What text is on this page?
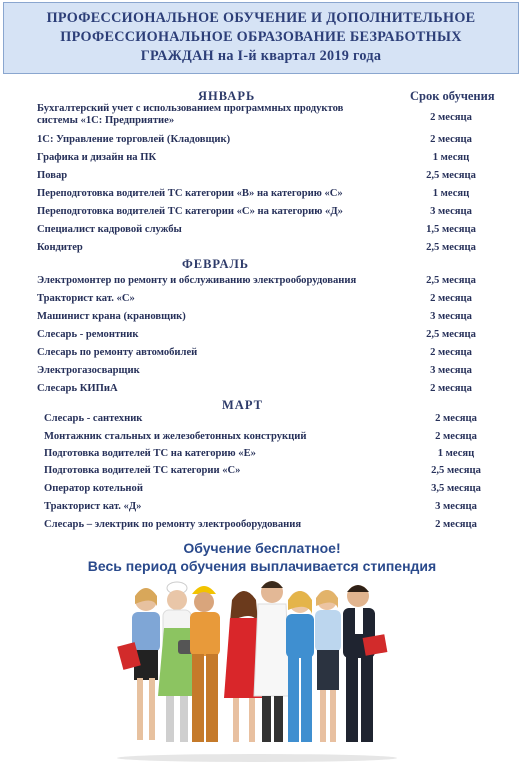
ПРОФЕССИОНАЛЬНОЕ ОБУЧЕНИЕ И ДОПОЛНИТЕЛЬНОЕ
ПРОФЕССИОНАЛЬНОЕ ОБРАЗОВАНИЕ БЕЗРАБОТНЫХ
ГРАЖДАН на I-й квартал 2019 года
ЯНВАРЬ	Срок обучения
Бухгалтерский учет с использованием программных продуктов системы «1С: Предприятие»	2 месяца
1С: Управление торговлей (Кладовщик)	2 месяца
Графика и дизайн на ПК	1 месяц
Повар	2,5 месяца
Переподготовка водителей ТС категории «В» на категорию «С»	1 месяц
Переподготовка водителей ТС категории «С» на категорию «Д»	3 месяца
Специалист кадровой службы	1,5 месяца
Кондитер	2,5 месяца
ФЕВРАЛЬ
Электромонтер по ремонту и обслуживанию электрооборудования	2,5 месяца
Тракторист кат. «С»	2 месяца
Машинист крана (крановщик)	3 месяца
Слесарь - ремонтник	2,5 месяца
Слесарь по ремонту автомобилей	2 месяца
Электрогазосварщик	3 месяца
Слесарь КИПиА	2 месяца
МАРТ
Слесарь - сантехник	2 месяца
Монтажник стальных и железобетонных конструкций	2 месяца
Подготовка водителей ТС на категорию «Е»	1 месяц
Подготовка водителей ТС категории «С»	2,5 месяца
Оператор котельной	3,5 месяца
Тракторист кат. «Д»	3 месяца
Слесарь – электрик по ремонту электрооборудования	2 месяца
Обучение бесплатное!
Весь период обучения выплачивается стипендия
